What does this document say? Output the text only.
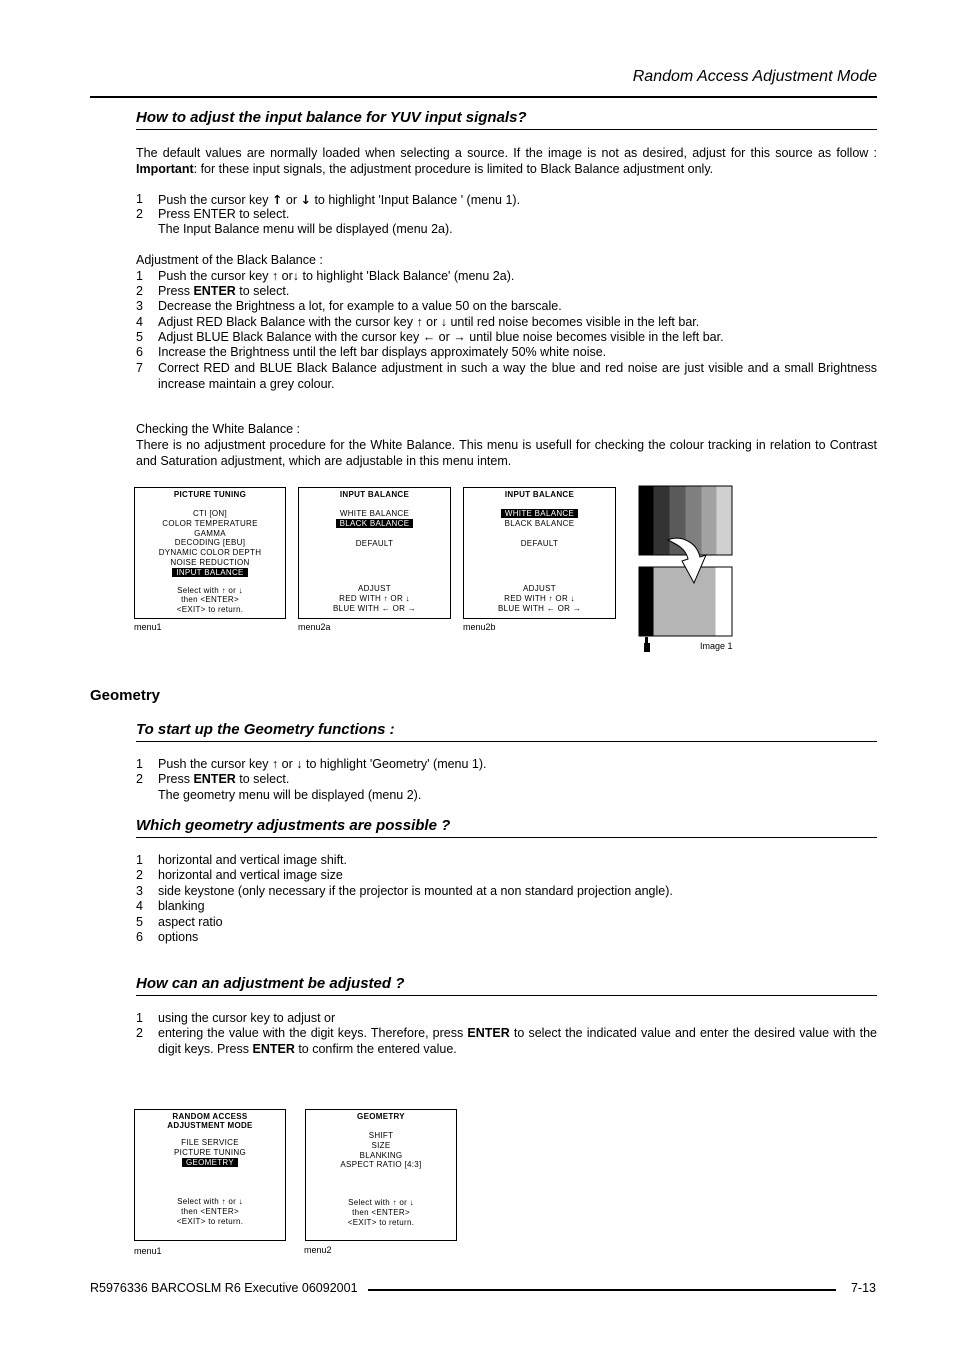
Random Access Adjustment Mode
How to adjust the input balance for YUV input signals?
The default values are normally loaded when selecting a source. If the image is not as desired, adjust for this source as follow : Important: for these input signals, the adjustment procedure is limited to Black Balance adjustment only.
1	Push the cursor key ↑ or ↓ to highlight 'Input Balance ' (menu 1).
2	Press ENTER to select.
The Input Balance menu will be displayed (menu 2a).
Adjustment of the Black Balance :
1	Push the cursor key ↑ or↓ to highlight 'Black Balance' (menu 2a).
2	Press ENTER to select.
3	Decrease the Brightness a lot, for example to a value 50 on the barscale.
4	Adjust RED Black Balance with the cursor key ↑ or ↓ until red noise becomes visible in the left bar.
5	Adjust BLUE Black Balance with the cursor key ← or → until blue noise becomes visible in the left bar.
6	Increase the Brightness until the left bar displays approximately 50% white noise.
7	Correct RED and BLUE Black Balance adjustment in such a way the blue and red noise are just visible and a small Brightness increase maintain a grey colour.
Checking the White Balance :
There is no adjustment procedure for the White Balance. This menu is usefull for checking the colour tracking in relation to Contrast and Saturation adjustment, which are adjustable in this menu intem.
PICTURE TUNING
CTI [ON]
COLOR TEMPERATURE
GAMMA
DECODING [EBU]
DYNAMIC COLOR DEPTH
NOISE REDUCTION
INPUT BALANCE
Select with ↑ or ↓
then <ENTER>
<EXIT> to return.
menu1
INPUT BALANCE
WHITE BALANCE
BLACK BALANCE
DEFAULT
ADJUST
RED WITH ↑ OR ↓
BLUE WITH ← OR →
menu2a
INPUT BALANCE
WHITE BALANCE
BLACK BALANCE
DEFAULT
ADJUST
RED WITH ↑ OR ↓
BLUE WITH ← OR →
menu2b
Image 1
Geometry
To start up the Geometry functions :
1	Push the cursor key ↑ or ↓ to highlight 'Geometry' (menu 1).
2	Press ENTER to select.
The geometry menu will be displayed (menu 2).
Which geometry adjustments are possible ?
1	horizontal and vertical image shift.
2	horizontal and vertical image size
3	side keystone (only necessary if the projector is mounted at a non standard projection angle).
4	blanking
5	aspect ratio
6	options
How can an adjustment be adjusted ?
1	using the cursor key to adjust or
2	entering the value with the digit keys. Therefore, press ENTER to select the indicated value and enter the desired value with the digit keys. Press ENTER to confirm the entered value.
RANDOM ACCESS
ADJUSTMENT MODE
FILE SERVICE
PICTURE TUNING
GEOMETRY
Select with ↑ or ↓
then <ENTER>
<EXIT> to return.
menu1
GEOMETRY
SHIFT
SIZE
BLANKING
ASPECT RATIO [4:3]
Select with ↑ or ↓
then <ENTER>
<EXIT> to return.
menu2
R5976336 BARCOSLM R6 Executive 06092001	7-13
